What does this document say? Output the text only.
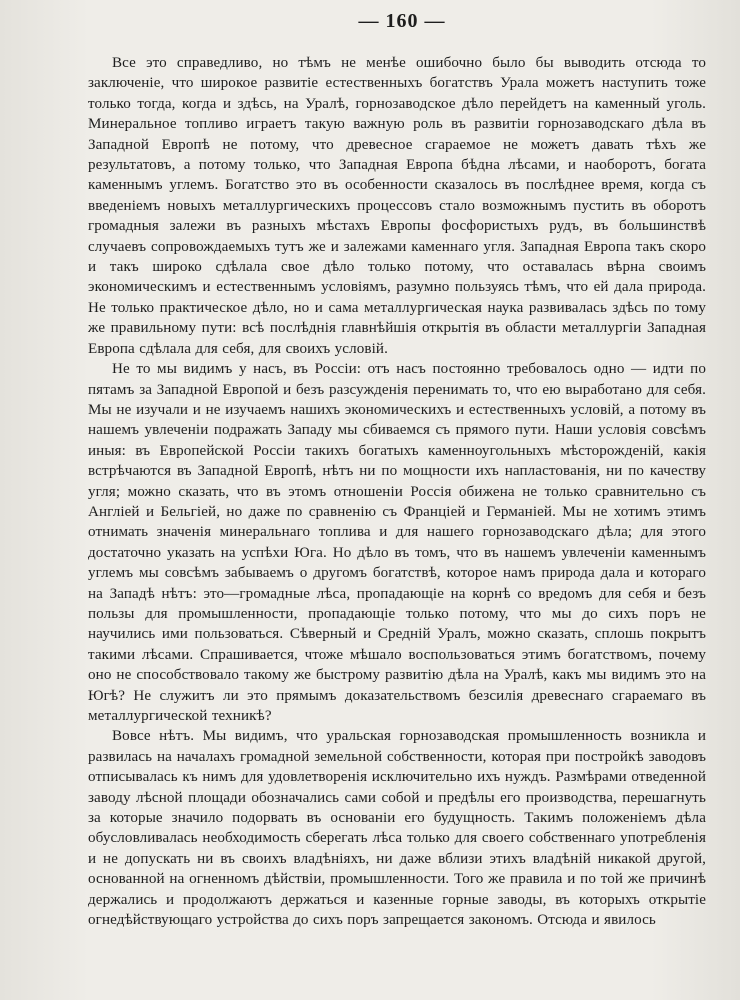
— 160 —

Все это справедливо, но тѣмъ не менѣе ошибочно было бы выводить отсюда то заключеніе, что широкое развитіе естественныхъ богатствъ Урала можетъ наступить тоже только тогда, когда и здѣсь, на Уралѣ, горнозаводское дѣло перейдетъ на каменный уголь. Минеральное топливо играетъ такую важную роль въ развитіи горнозаводскаго дѣла въ Западной Европѣ не потому, что древесное сгараемое не можетъ давать тѣхъ же результатовъ, а потому только, что Западная Европа бѣдна лѣсами, и наоборотъ, богата каменнымъ углемъ. Богатство это въ особенности сказалось въ послѣднее время, когда съ введеніемъ новыхъ металлургическихъ процессовъ стало возможнымъ пустить въ оборотъ громадныя залежи въ разныхъ мѣстахъ Европы фосфористыхъ рудъ, въ большинствѣ случаевъ сопровождаемыхъ тутъ же и залежами каменнаго угля. Западная Европа такъ скоро и такъ широко сдѣлала свое дѣло только потому, что оставалась вѣрна своимъ экономическимъ и естественнымъ условіямъ, разумно пользуясь тѣмъ, что ей дала природа. Не только практическое дѣло, но и сама металлургическая наука развивалась здѣсь по тому же правильному пути: всѣ послѣднія главнѣйшія открытія въ области металлургіи Западная Европа сдѣлала для себя, для своихъ условій.

Не то мы видимъ у насъ, въ Россіи: отъ насъ постоянно требовалось одно — идти по пятамъ за Западной Европой и безъ разсужденія перенимать то, что ею выработано для себя. Мы не изучали и не изучаемъ нашихъ экономическихъ и естественныхъ условій, а потому въ нашемъ увлеченіи подражать Западу мы сбиваемся съ прямого пути. Наши условія совсѣмъ иныя: въ Европейской Россіи такихъ богатыхъ каменноугольныхъ мѣсторожденій, какія встрѣчаются въ Западной Европѣ, нѣтъ ни по мощности ихъ напластованія, ни по качеству угля; можно сказать, что въ этомъ отношеніи Россія обижена не только сравнительно съ Англіей и Бельгіей, но даже по сравненію съ Франціей и Германіей. Мы не хотимъ этимъ отнимать значенія минеральнаго топлива и для нашего горнозаводскаго дѣла; для этого достаточно указать на успѣхи Юга. Но дѣло въ томъ, что въ нашемъ увлеченіи каменнымъ углемъ мы совсѣмъ забываемъ о другомъ богатствѣ, которое намъ природа дала и котораго на Западѣ нѣтъ: это—громадные лѣса, пропадающіе на корнѣ со вредомъ для себя и безъ пользы для промышленности, пропадающіе только потому, что мы до сихъ поръ не научились ими пользоваться. Сѣверный и Средній Уралъ, можно сказать, сплошь покрытъ такими лѣсами. Спрашивается, чтоже мѣшало воспользоваться этимъ богатствомъ, почему оно не способствовало такому же быстрому развитію дѣла на Уралѣ, какъ мы видимъ это на Югѣ? Не служитъ ли это прямымъ доказательствомъ безсилія древеснаго сгараемаго въ металлургической техникѣ?

Вовсе нѣтъ. Мы видимъ, что уральская горнозаводская промышленность возникла и развилась на началахъ громадной земельной собственности, которая при постройкѣ заводовъ отписывалась къ нимъ для удовлетворенія исключительно ихъ нуждъ. Размѣрами отведенной заводу лѣсной площади обозначались сами собой и предѣлы его производства, перешагнуть за которые значило подорвать въ основаніи его будущность. Такимъ положеніемъ дѣла обусловливалась необходимость сберегать лѣса только для своего собственнаго употребленія и не допускать ни въ своихъ владѣніяхъ, ни даже вблизи этихъ владѣній никакой другой, основанной на огненномъ дѣйствіи, промышленности. Того же правила и по той же причинѣ держались и продолжаютъ держаться и казенные горные заводы, въ которыхъ открытіе огнедѣйствующаго устройства до сихъ поръ запрещается закономъ. Отсюда и явилось
